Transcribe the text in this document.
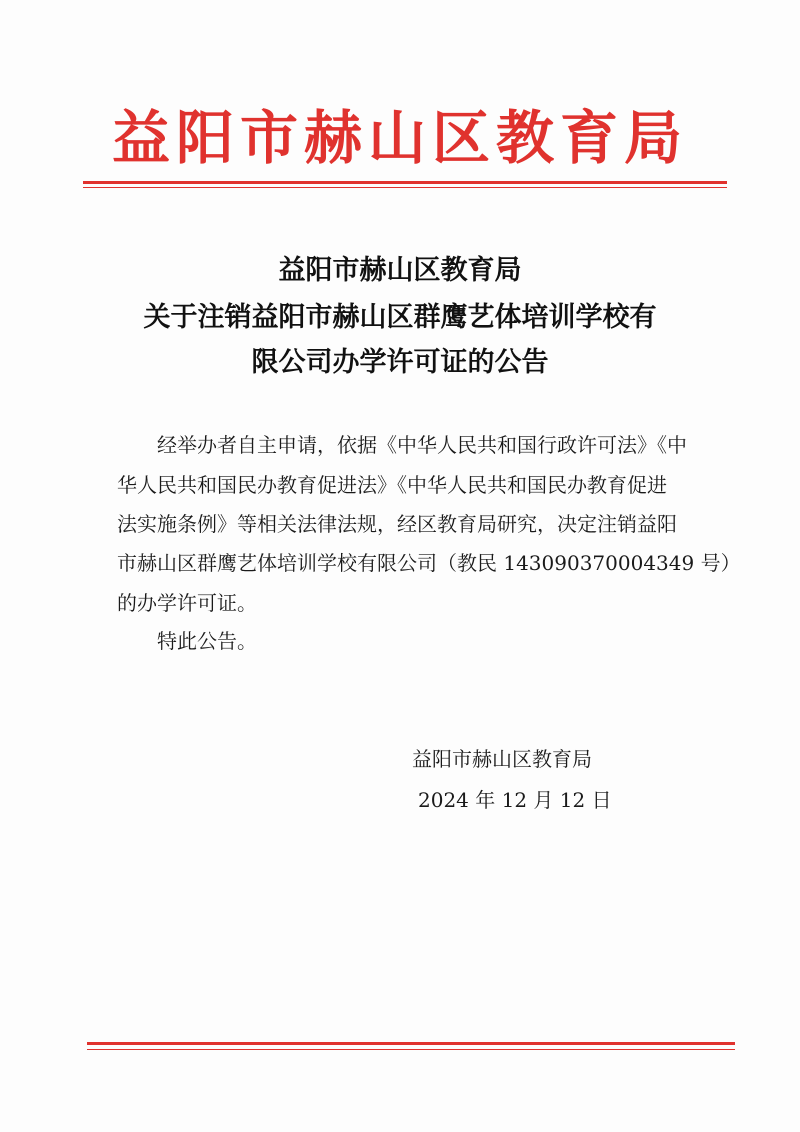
益阳市赫山区教育局
益阳市赫山区教育局
关于注销益阳市赫山区群鹰艺体培训学校有
限公司办学许可证的公告
经举办者自主申请，依据《中华人民共和国行政许可法》《中
华人民共和国民办教育促进法》《中华人民共和国民办教育促进
法实施条例》等相关法律法规，经区教育局研究，决定注销益阳
市赫山区群鹰艺体培训学校有限公司（教民 143090370004349 号）
的办学许可证。
特此公告。
益阳市赫山区教育局
2024 年 12 月 12 日
